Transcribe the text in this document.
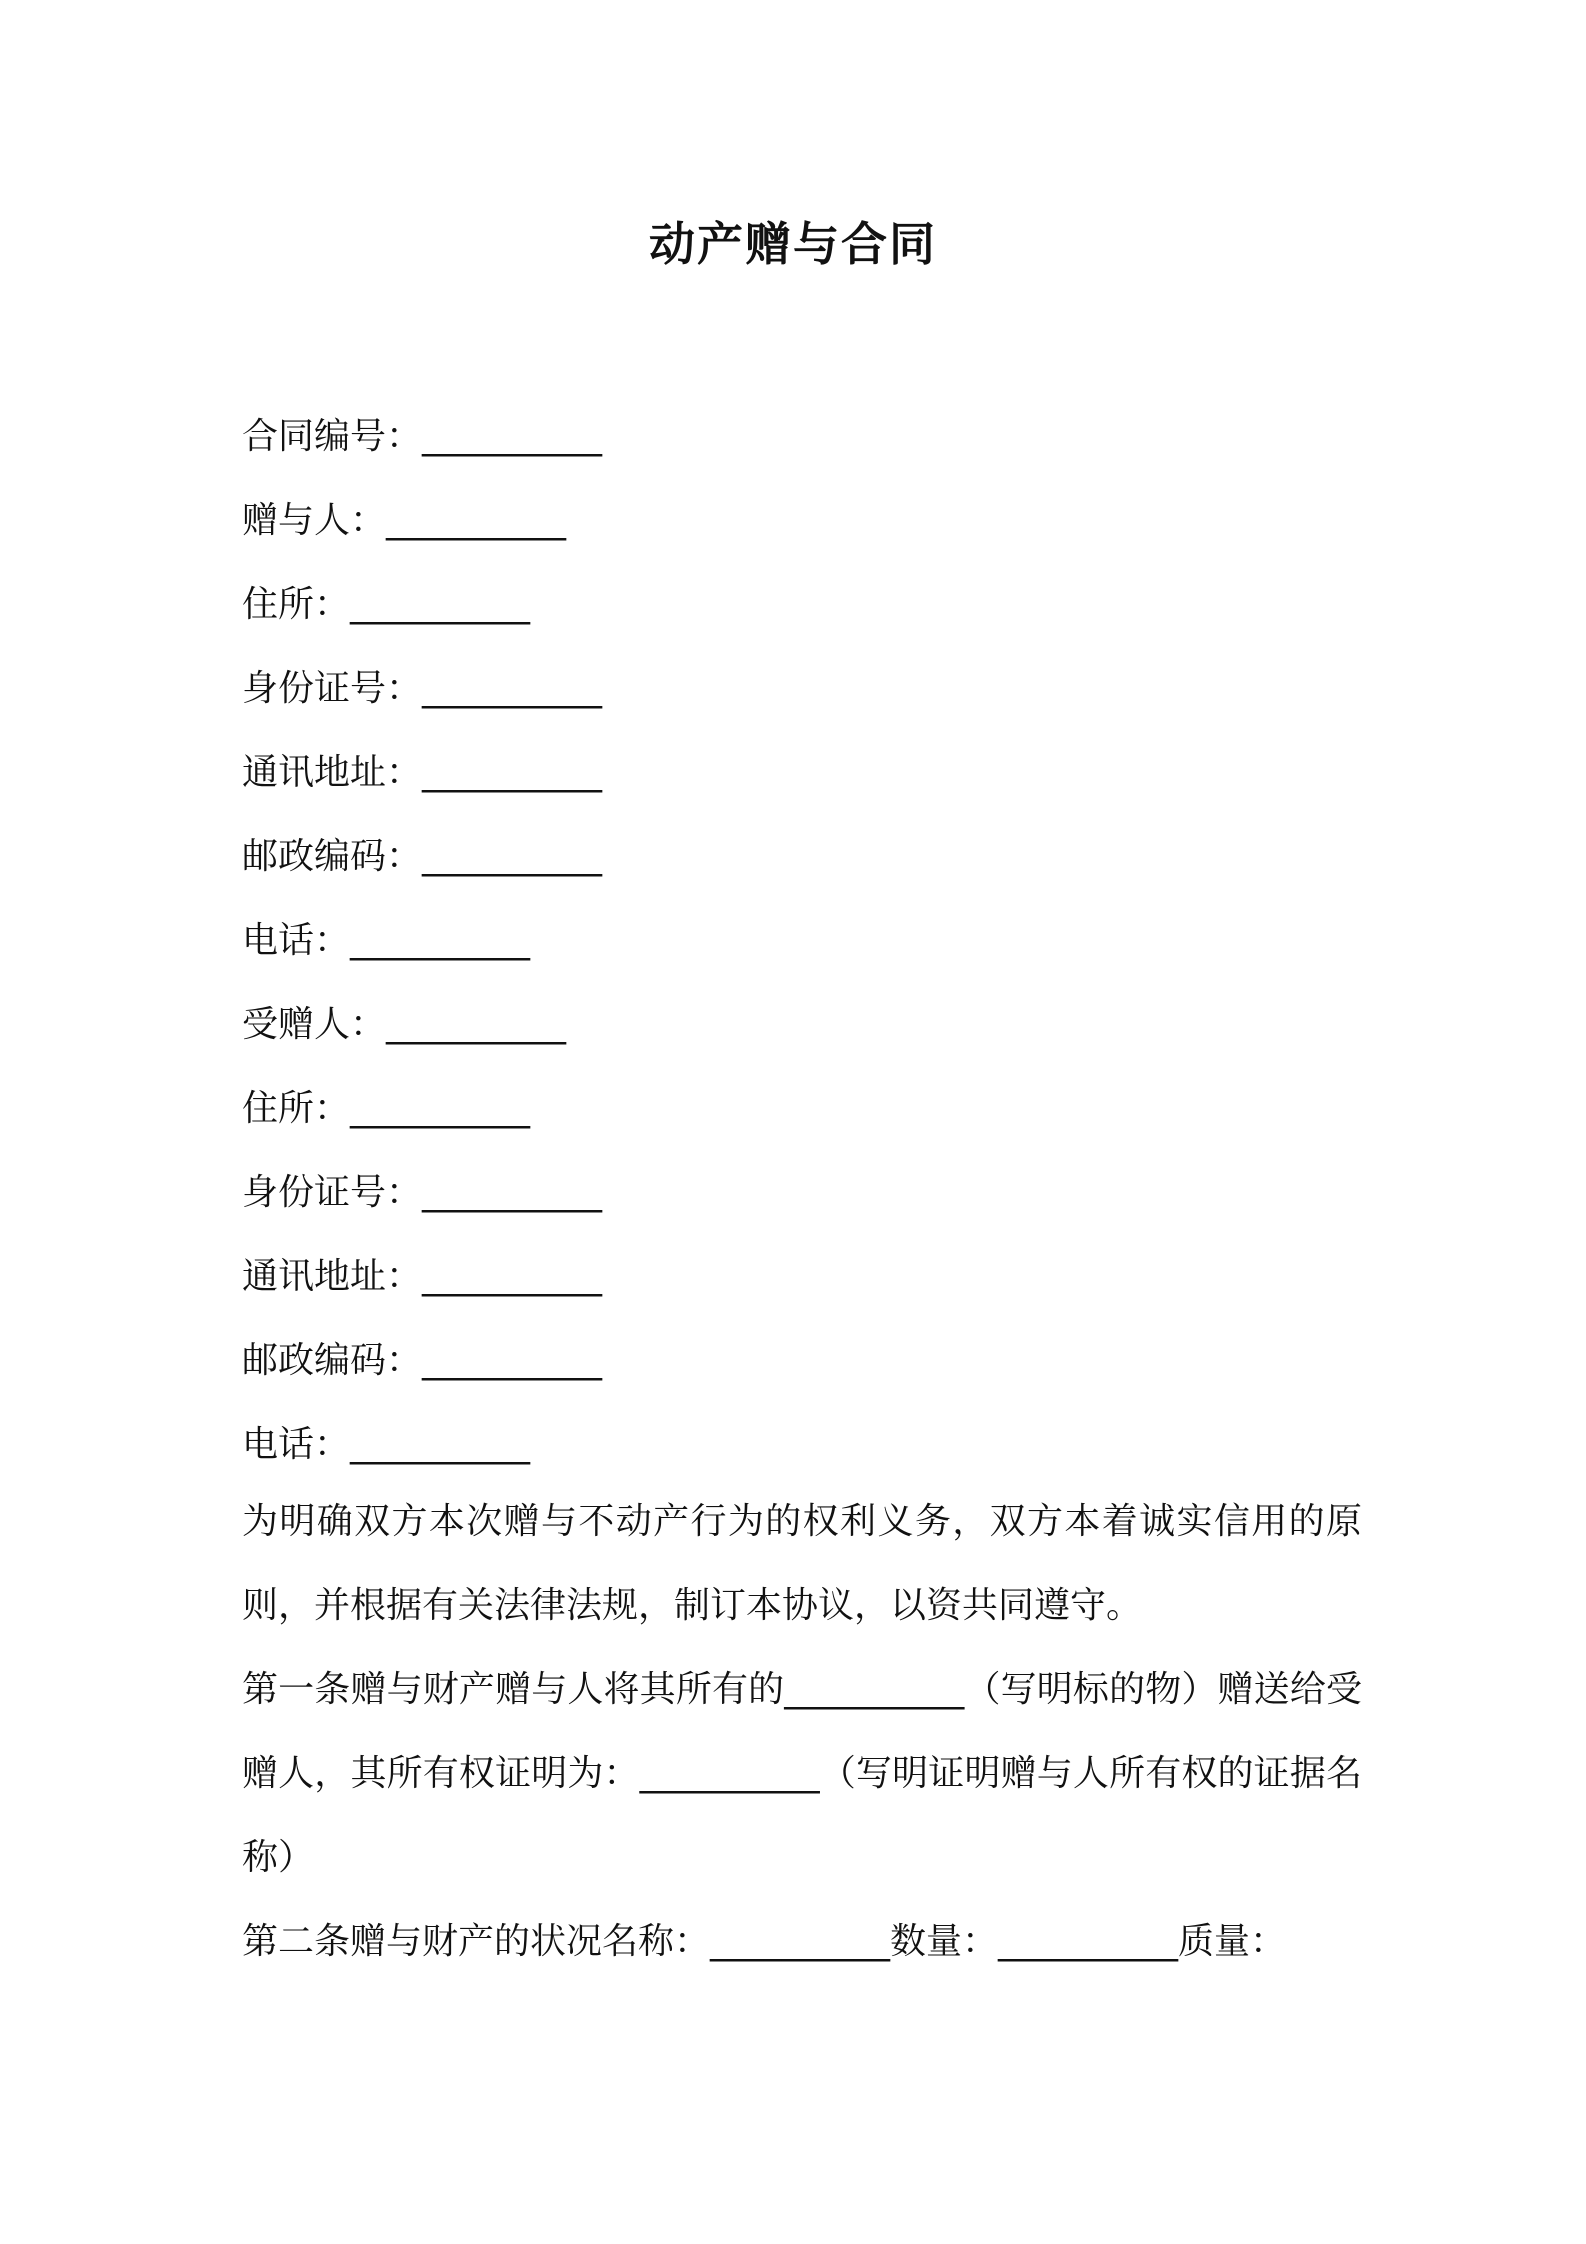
动产赠与合同
合同编号：__________
赠与人：__________
住所：__________
身份证号：__________
通讯地址：__________
邮政编码：__________
电话：__________
受赠人：__________
住所：__________
身份证号：__________
通讯地址：__________
邮政编码：__________
电话：__________

为明确双方本次赠与不动产行为的权利义务，双方本着诚实信用的原则，并根据有关法律法规，制订本协议，以资共同遵守。

第一条赠与财产赠与人将其所有的__________（写明标的物）赠送给受赠人，其所有权证明为：__________（写明证明赠与人所有权的证据名称）

第二条赠与财产的状况名称：__________数量：__________质量：
